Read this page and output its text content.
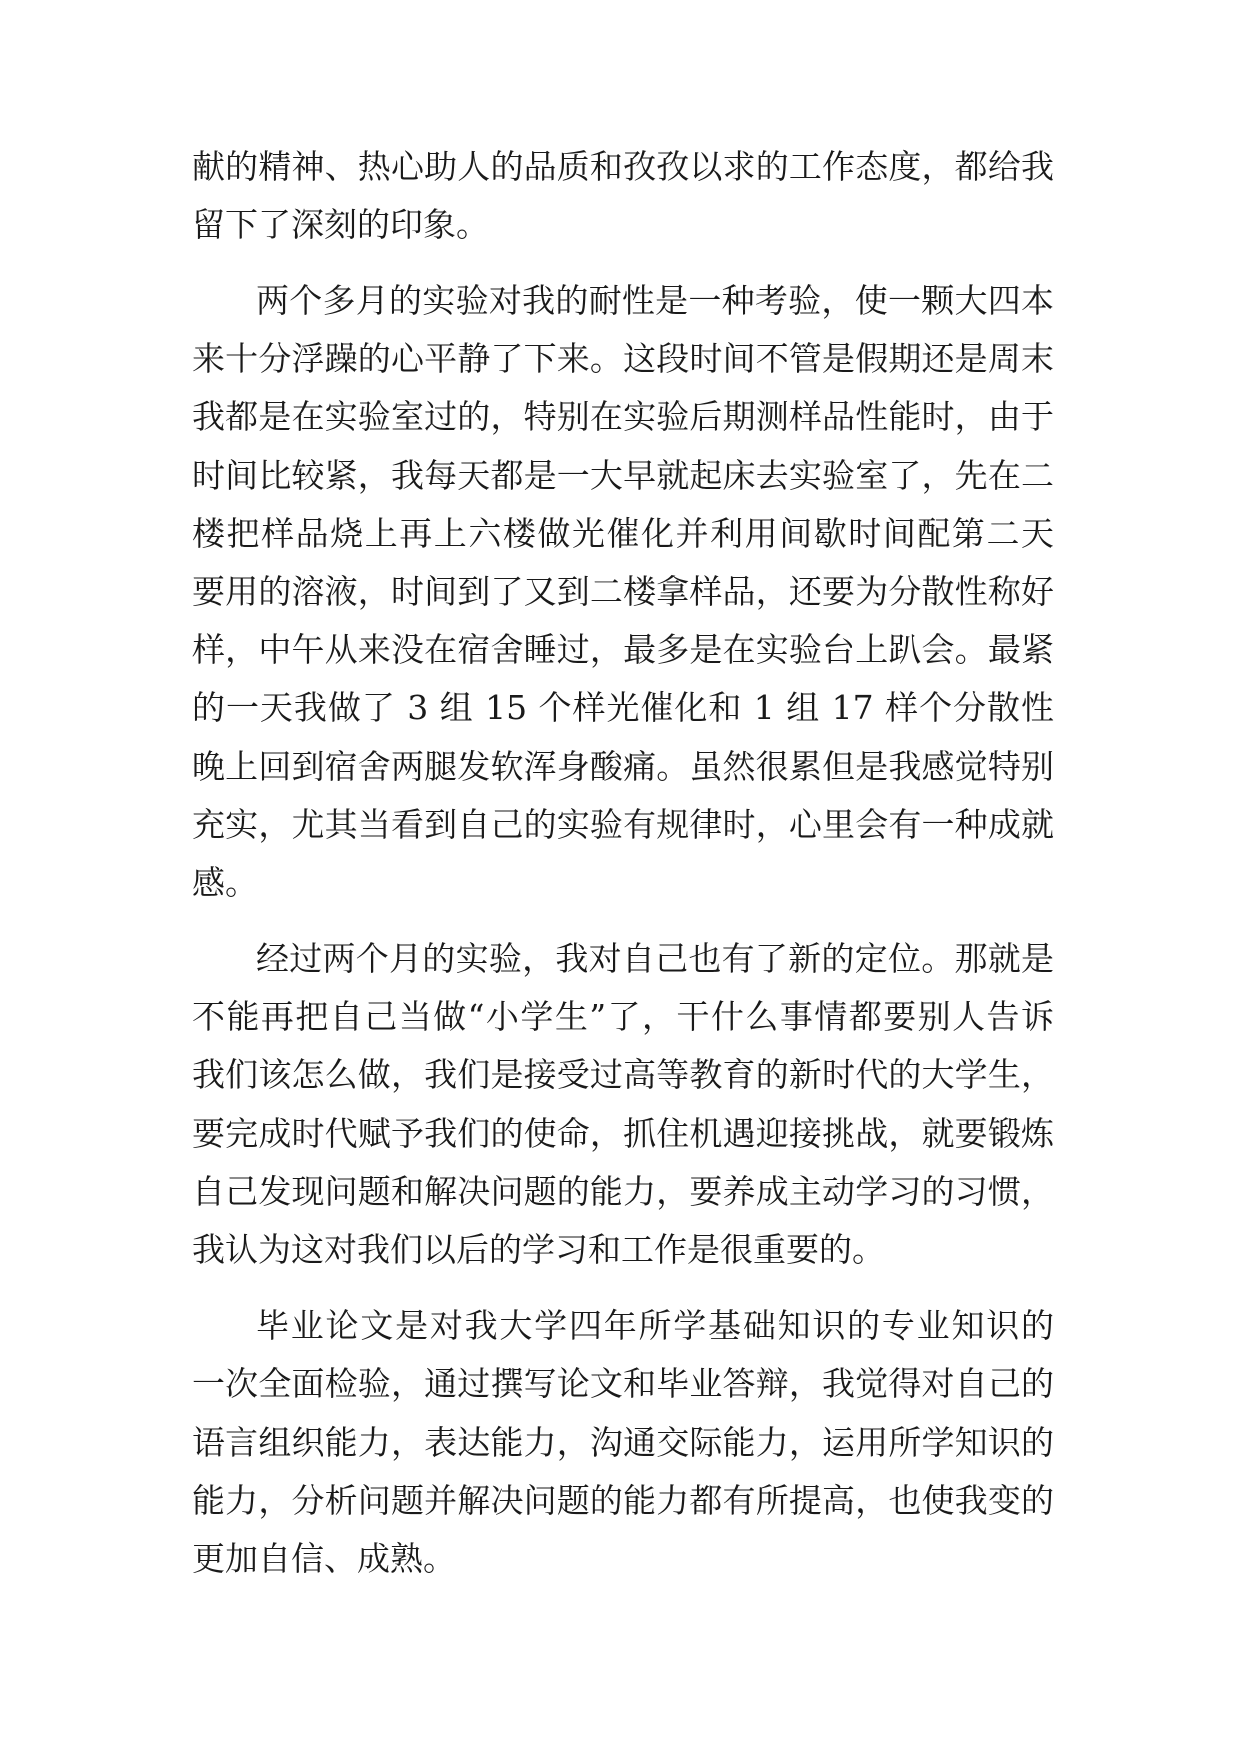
献的精神、热心助人的品质和孜孜以求的工作态度，都给我
留下了深刻的印象。
两个多月的实验对我的耐性是一种考验，使一颗大四本
来十分浮躁的心平静了下来。这段时间不管是假期还是周末
我都是在实验室过的，特别在实验后期测样品性能时，由于
时间比较紧，我每天都是一大早就起床去实验室了，先在二
楼把样品烧上再上六楼做光催化并利用间歇时间配第二天
要用的溶液，时间到了又到二楼拿样品，还要为分散性称好
样，中午从来没在宿舍睡过，最多是在实验台上趴会。最紧
的一天我做了 3 组 15 个样光催化和 1 组 17 样个分散性
晚上回到宿舍两腿发软浑身酸痛。虽然很累但是我感觉特别
充实，尤其当看到自己的实验有规律时，心里会有一种成就
感。
经过两个月的实验，我对自己也有了新的定位。那就是
不能再把自己当做“小学生”了，干什么事情都要别人告诉
我们该怎么做，我们是接受过高等教育的新时代的大学生，
要完成时代赋予我们的使命，抓住机遇迎接挑战，就要锻炼
自己发现问题和解决问题的能力，要养成主动学习的习惯，
我认为这对我们以后的学习和工作是很重要的。
毕业论文是对我大学四年所学基础知识的专业知识的
一次全面检验，通过撰写论文和毕业答辩，我觉得对自己的
语言组织能力，表达能力，沟通交际能力，运用所学知识的
能力，分析问题并解决问题的能力都有所提高，也使我变的
更加自信、成熟。
